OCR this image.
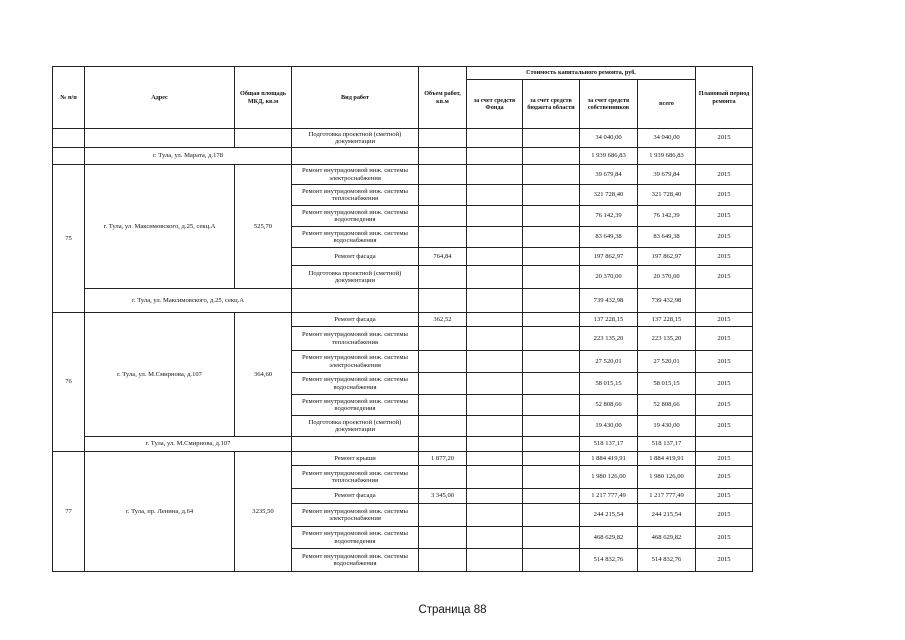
№ п/п	Адрес	Общая площадь МКД, кв.м	Вид работ	Объем работ, кв.м	Стоимость капитального ремонта, руб.				Плановый период ремонта
					за счет средств Фонда	за счет средств бюджета области	за счет средств собственников	всего	
			Подготовка проектной (сметной) документации				34 040,00	34 040,00	2015
	г. Тула, ул. Марата, д.178						1 939 686,83	1 939 686,83	
75	г. Тула, ул. Максимовского, д.25, секц.А	525,70	Ремонт внутридомовой инж. системы электроснабжения				39 679,84	39 679,84	2015
			Ремонт внутридомовой инж. системы теплоснабжения				321 728,40	321 728,40	2015
			Ремонт внутридомовой инж. системы водоотведения				76 142,39	76 142,39	2015
			Ремонт внутридомовой инж. системы водоснабжения				83 649,38	83 649,38	2015
			Ремонт фасада	764,84			197 862,97	197 862,97	2015
			Подготовка проектной (сметной) документации				20 370,00	20 370,00	2015
	г. Тула, ул. Максимовского, д.25, секц.А						739 432,98	739 432,98	
76	г. Тула, ул. М.Смирнова, д.107	364,60	Ремонт фасада	362,52			137 228,15	137 228,15	2015
			Ремонт внутридомовой инж. системы теплоснабжения				223 135,20	223 135,20	2015
			Ремонт внутридомовой инж. системы электроснабжения				27 520,01	27 520,01	2015
			Ремонт внутридомовой инж. системы водоснабжения				58 015,15	58 015,15	2015
			Ремонт внутридомовой инж. системы водоотведения				52 808,66	52 808,66	2015
			Подготовка проектной (сметной) документации				19 430,00	19 430,00	2015
	г. Тула, ул. М.Смирнова, д.107						518 137,17	518 137,17	
77	г. Тула, пр. Ленина, д.64	3235,50	Ремонт крыши	1 877,20			1 884 419,91	1 884 419,91	2015
			Ремонт внутридомовой инж. системы теплоснабжения				1 980 126,00	1 980 126,00	2015
			Ремонт фасада	3 345,00			1 217 777,49	1 217 777,49	2015
			Ремонт внутридомовой инж. системы электроснабжения				244 215,54	244 215,54	2015
			Ремонт внутридомовой инж. системы водоотведения				468 629,82	468 629,82	2015
			Ремонт внутридомовой инж. системы водоснабжения				514 832,76	514 832,76	2015
Страница 88
